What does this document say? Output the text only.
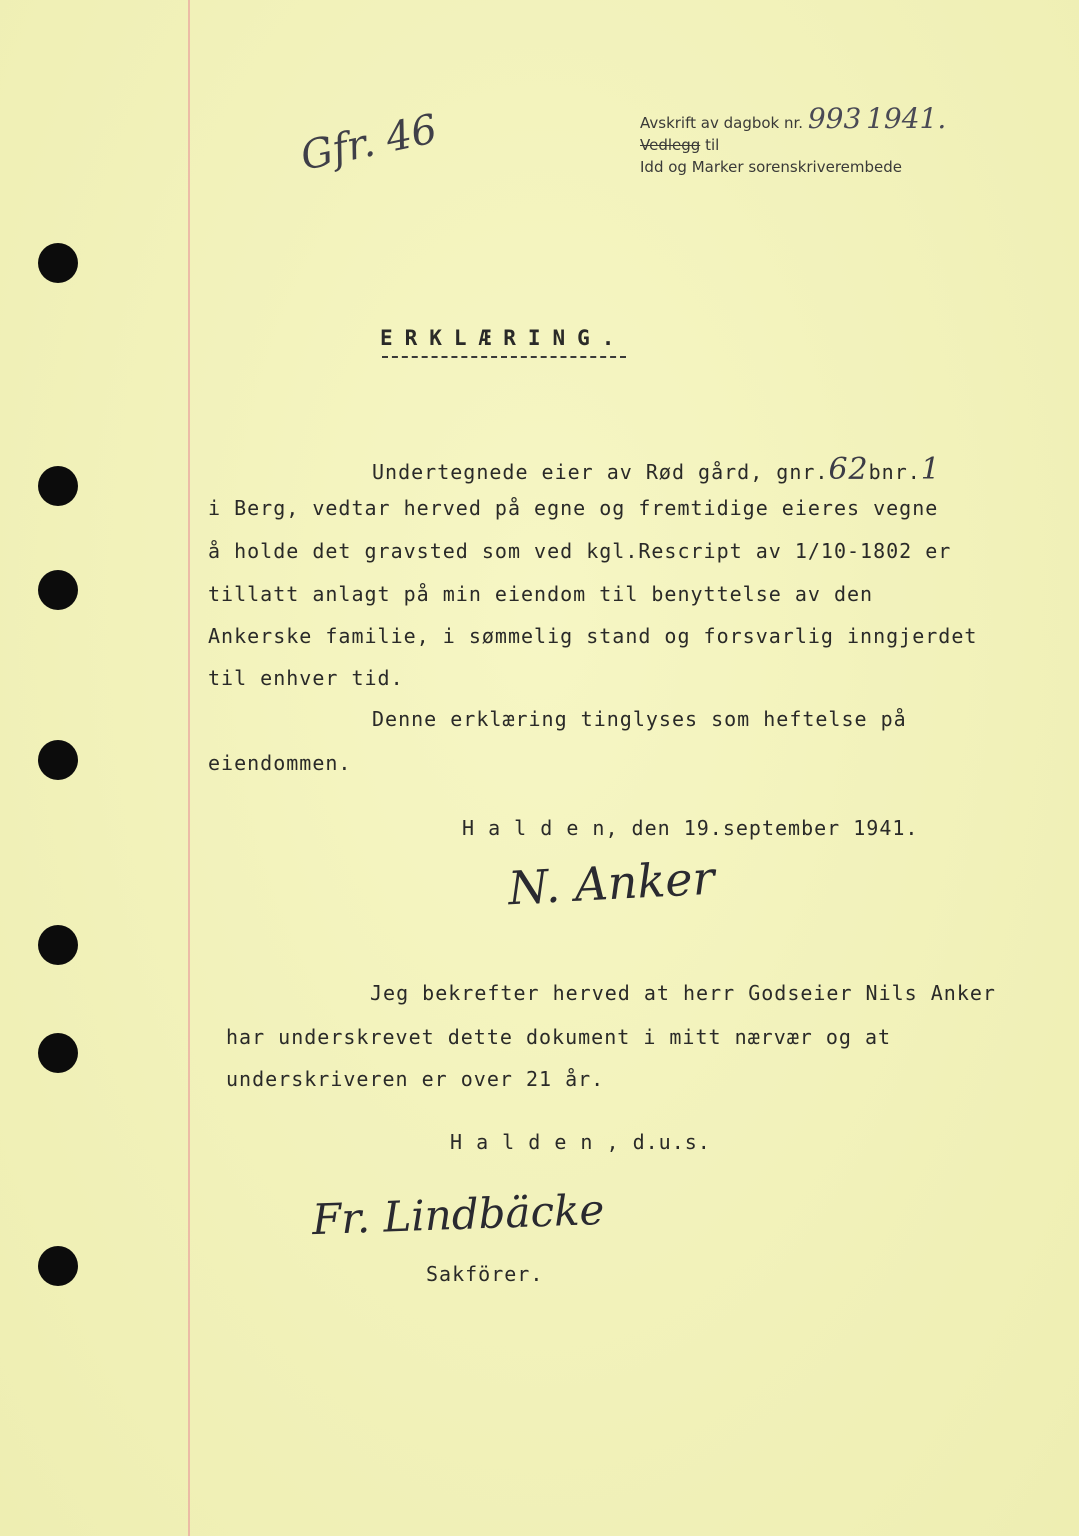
Gfr. 46	Avskrift av dagbok nr. 993 1941.
Vedlegg til
Idd og Marker sorenskriverembede
ERKLÆRING.
Undertegnede eier av Rød gård, gnr.62bnr.1
i Berg, vedtar herved på egne og fremtidige eieres vegne
å holde det gravsted som ved kgl.Rescript av 1/10-1802 er
tillatt anlagt på min eiendom til benyttelse av den
Ankerske familie, i sømmelig stand og forsvarlig inngjerdet
til enhver tid.
Denne erklæring tinglyses som heftelse på
eiendommen.
H a l d e n, den 19.september 1941.
N. Anker
Jeg bekrefter herved at herr Godseier Nils Anker
har underskrevet dette dokument i mitt nærvær og at
underskriveren er over 21 år.
H a l d e n , d.u.s.
Fr. Lindbäcke
Sakförer.
